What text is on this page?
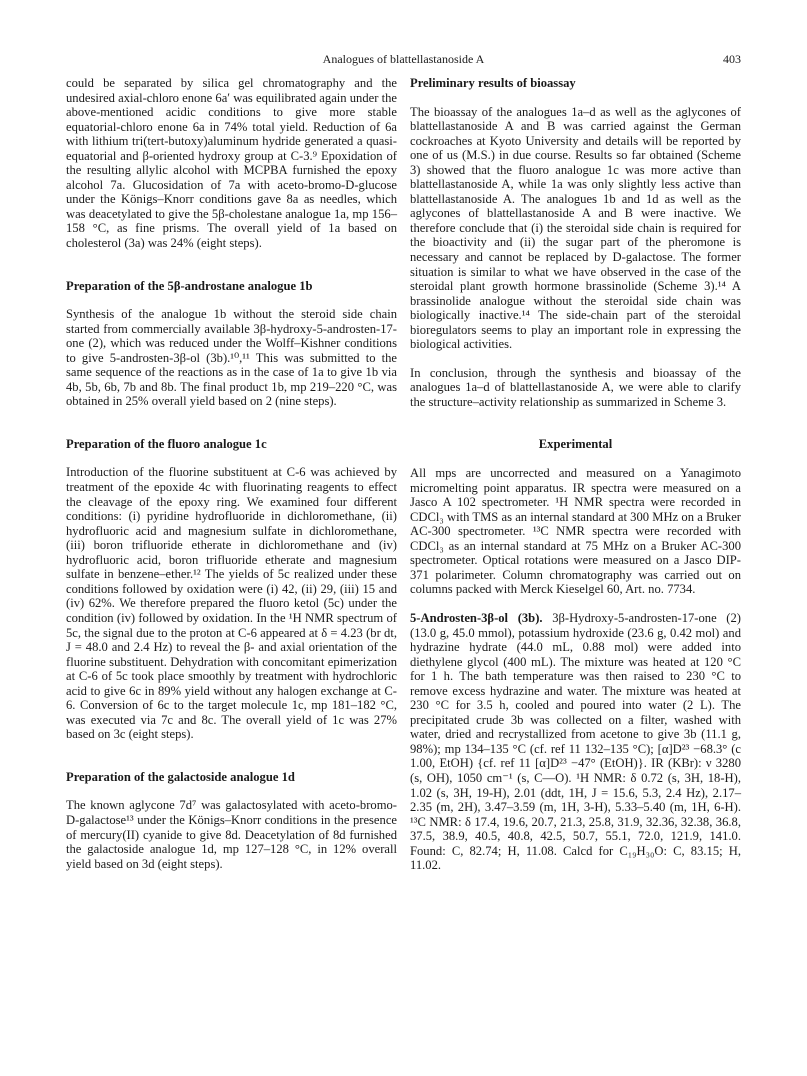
Analogues of blattellastanoside A	403

could be separated by silica gel chromatography and the undesired axial-chloro enone 6a′ was equilibrated again under the above-mentioned acidic conditions to give more stable equatorial-chloro enone 6a in 74% total yield. Reduction of 6a with lithium tri(tert-butoxy)aluminum hydride generated a quasi-equatorial and β-oriented hydroxy group at C-3.⁹ Epoxidation of the resulting allylic alcohol with MCPBA furnished the epoxy alcohol 7a. Glucosidation of 7a with aceto-bromo-D-glucose under the Königs–Knorr conditions gave 8a as needles, which was deacetylated to give the 5β-cholestane analogue 1a, mp 156–158 °C, as fine prisms. The overall yield of 1a based on cholesterol (3a) was 24% (eight steps).

Preparation of the 5β-androstane analogue 1b

Synthesis of the analogue 1b without the steroid side chain started from commercially available 3β-hydroxy-5-androsten-17-one (2), which was reduced under the Wolff–Kishner conditions to give 5-androsten-3β-ol (3b).¹⁰,¹¹ This was submitted to the same sequence of the reactions as in the case of 1a to give 1b via 4b, 5b, 6b, 7b and 8b. The final product 1b, mp 219–220 °C, was obtained in 25% overall yield based on 2 (nine steps).

Preparation of the fluoro analogue 1c

Introduction of the fluorine substituent at C-6 was achieved by treatment of the epoxide 4c with fluorinating reagents to effect the cleavage of the epoxy ring. We examined four different conditions: (i) pyridine hydrofluoride in dichloromethane, (ii) hydrofluoric acid and magnesium sulfate in dichloromethane, (iii) boron trifluoride etherate in dichloromethane and (iv) hydrofluoric acid, boron trifluoride etherate and magnesium sulfate in benzene–ether.¹² The yields of 5c realized under these conditions followed by oxidation were (i) 42, (ii) 29, (iii) 15 and (iv) 62%. We therefore prepared the fluoro ketol (5c) under the condition (iv) followed by oxidation. In the ¹H NMR spectrum of 5c, the signal due to the proton at C-6 appeared at δ = 4.23 (br dt, J = 48.0 and 2.4 Hz) to reveal the β- and axial orientation of the fluorine substituent. Dehydration with concomitant epimerization at C-6 of 5c took place smoothly by treatment with hydrochloric acid to give 6c in 89% yield without any halogen exchange at C-6. Conversion of 6c to the target molecule 1c, mp 181–182 °C, was executed via 7c and 8c. The overall yield of 1c was 27% based on 3c (eight steps).

Preparation of the galactoside analogue 1d

The known aglycone 7d⁷ was galactosylated with aceto-bromo-D-galactose¹³ under the Königs–Knorr conditions in the presence of mercury(II) cyanide to give 8d. Deacetylation of 8d furnished the galactoside analogue 1d, mp 127–128 °C, in 12% overall yield based on 3d (eight steps).

Preliminary results of bioassay

The bioassay of the analogues 1a–d as well as the aglycones of blattellastanoside A and B was carried against the German cockroaches at Kyoto University and details will be reported by one of us (M.S.) in due course. Results so far obtained (Scheme 3) showed that the fluoro analogue 1c was more active than blattellastanoside A, while 1a was only slightly less active than blattellastanoside A. The analogues 1b and 1d as well as the aglycones of blattellastanoside A and B were inactive. We therefore conclude that (i) the steroidal side chain is required for the bioactivity and (ii) the sugar part of the pheromone is necessary and cannot be replaced by D-galactose. The former situation is similar to what we have observed in the case of the steroidal plant growth hormone brassinolide (Scheme 3).¹⁴ A brassinolide analogue without the steroidal side chain was biologically inactive.¹⁴ The side-chain part of the steroidal bioregulators seems to play an important role in expressing the biological activities.

In conclusion, through the synthesis and bioassay of the analogues 1a–d of blattellastanoside A, we were able to clarify the structure–activity relationship as summarized in Scheme 3.

Experimental

All mps are uncorrected and measured on a Yanagimoto micromelting point apparatus. IR spectra were measured on a Jasco A 102 spectrometer. ¹H NMR spectra were recorded in CDCl₃ with TMS as an internal standard at 300 MHz on a Bruker AC-300 spectrometer. ¹³C NMR spectra were recorded with CDCl₃ as an internal standard at 75 MHz on a Bruker AC-300 spectrometer. Optical rotations were measured on a Jasco DIP-371 polarimeter. Column chromatography was carried out on columns packed with Merck Kieselgel 60, Art. no. 7734.

5-Androsten-3β-ol (3b). 3β-Hydroxy-5-androsten-17-one (2) (13.0 g, 45.0 mmol), potassium hydroxide (23.6 g, 0.42 mol) and hydrazine hydrate (44.0 mL, 0.88 mol) were added into diethylene glycol (400 mL). The mixture was heated at 120 °C for 1 h. The bath temperature was then raised to 230 °C to remove excess hydrazine and water. The mixture was heated at 230 °C for 3.5 h, cooled and poured into water (2 L). The precipitated crude 3b was collected on a filter, washed with water, dried and recrystallized from acetone to give 3b (11.1 g, 98%); mp 134–135 °C (cf. ref 11 132–135 °C); [α]D²³ −68.3° (c 1.00, EtOH) {cf. ref 11 [α]D²³ −47° (EtOH)}. IR (KBr): ν 3280 (s, OH), 1050 cm⁻¹ (s, C—O). ¹H NMR: δ 0.72 (s, 3H, 18-H), 1.02 (s, 3H, 19-H), 2.01 (ddt, 1H, J = 15.6, 5.3, 2.4 Hz), 2.17–2.35 (m, 2H), 3.47–3.59 (m, 1H, 3-H), 5.33–5.40 (m, 1H, 6-H). ¹³C NMR: δ 17.4, 19.6, 20.7, 21.3, 25.8, 31.9, 32.36, 32.38, 36.8, 37.5, 38.9, 40.5, 40.8, 42.5, 50.7, 55.1, 72.0, 121.9, 141.0. Found: C, 82.74; H, 11.08. Calcd for C₁₉H₃₀O: C, 83.15; H, 11.02.
